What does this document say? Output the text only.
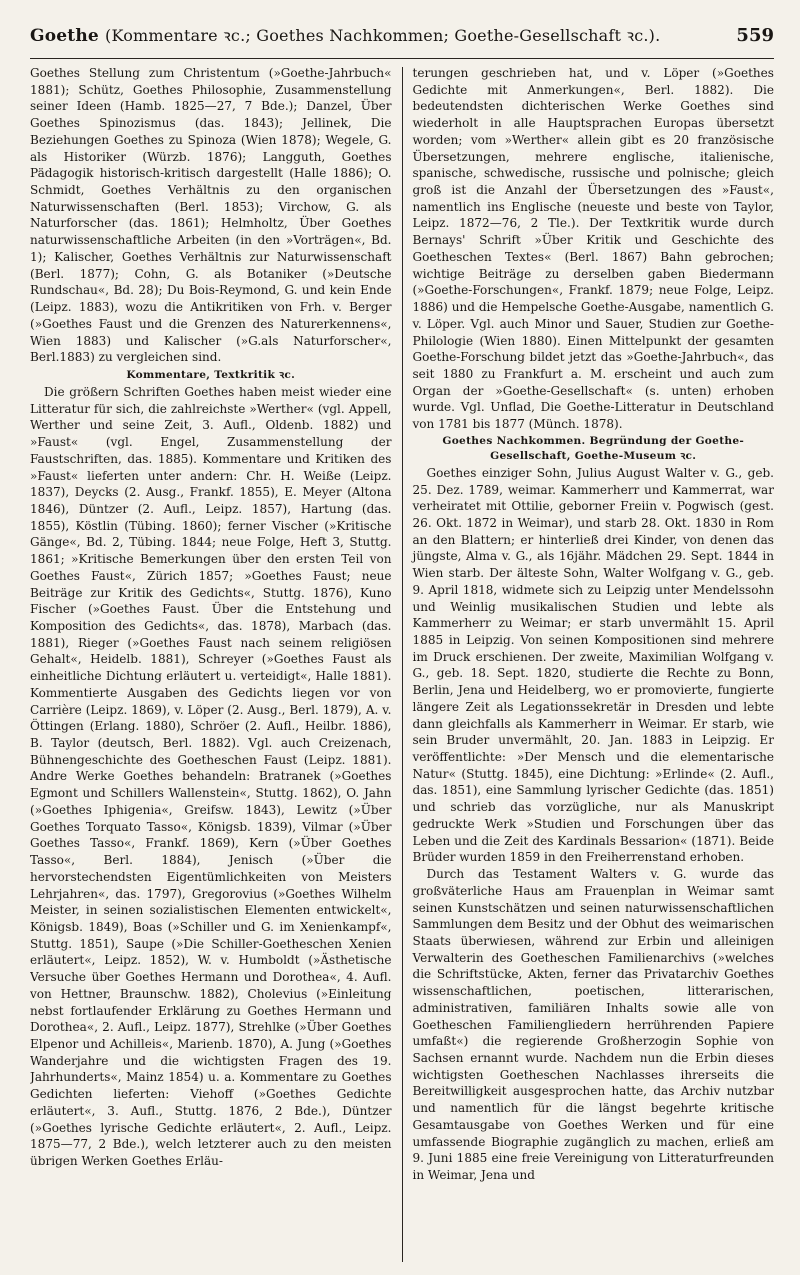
Goethe (Kommentare ꝛc.; Goethes Nachkommen; Goethe-Gesellschaft ꝛc.).	559

Goethes Stellung zum Christentum (»Goethe-Jahrbuch« 1881); Schütz, Goethes Philosophie, Zusammenstellung seiner Ideen (Hamb. 1825—27, 7 Bde.); Danzel, Über Goethes Spinozismus (das. 1843); Jellinek, Die Beziehungen Goethes zu Spinoza (Wien 1878); Wegele, G. als Historiker (Würzb. 1876); Langguth, Goethes Pädagogik historisch-kritisch dargestellt (Halle 1886); O. Schmidt, Goethes Verhältnis zu den organischen Naturwissenschaften (Berl. 1853); Virchow, G. als Naturforscher (das. 1861); Helmholtz, Über Goethes naturwissenschaftliche Arbeiten (in den »Vorträgen«, Bd. 1); Kalischer, Goethes Verhältnis zur Naturwissenschaft (Berl. 1877); Cohn, G. als Botaniker (»Deutsche Rundschau«, Bd. 28); Du Bois-Reymond, G. und kein Ende (Leipz. 1883), wozu die Antikritiken von Frh. v. Berger (»Goethes Faust und die Grenzen des Naturerkennens«, Wien 1883) und Kalischer (»G.als Naturforscher«, Berl.1883) zu vergleichen sind.

Kommentare, Textkritik ꝛc.

Die größern Schriften Goethes haben meist wieder eine Litteratur für sich, die zahlreichste »Werther« (vgl. Appell, Werther und seine Zeit, 3. Aufl., Oldenb. 1882) und »Faust« (vgl. Engel, Zusammenstellung der Faustschriften, das. 1885). Kommentare und Kritiken des »Faust« lieferten unter andern: Chr. H. Weiße (Leipz. 1837), Deycks (2. Ausg., Frankf. 1855), E. Meyer (Altona 1846), Düntzer (2. Aufl., Leipz. 1857), Hartung (das. 1855), Köstlin (Tübing. 1860); ferner Vischer (»Kritische Gänge«, Bd. 2, Tübing. 1844; neue Folge, Heft 3, Stuttg. 1861; »Kritische Bemerkungen über den ersten Teil von Goethes Faust«, Zürich 1857; »Goethes Faust; neue Beiträge zur Kritik des Gedichts«, Stuttg. 1876), Kuno Fischer (»Goethes Faust. Über die Entstehung und Komposition des Gedichts«, das. 1878), Marbach (das. 1881), Rieger (»Goethes Faust nach seinem religiösen Gehalt«, Heidelb. 1881), Schreyer (»Goethes Faust als einheitliche Dichtung erläutert u. verteidigt«, Halle 1881). Kommentierte Ausgaben des Gedichts liegen vor von Carrière (Leipz. 1869), v. Löper (2. Ausg., Berl. 1879), A. v. Öttingen (Erlang. 1880), Schröer (2. Aufl., Heilbr. 1886), B. Taylor (deutsch, Berl. 1882). Vgl. auch Creizenach, Bühnengeschichte des Goetheschen Faust (Leipz. 1881). Andre Werke Goethes behandeln: Bratranek (»Goethes Egmont und Schillers Wallenstein«, Stuttg. 1862), O. Jahn (»Goethes Iphigenia«, Greifsw. 1843), Lewitz (»Über Goethes Torquato Tasso«, Königsb. 1839), Vilmar (»Über Goethes Tasso«, Frankf. 1869), Kern (»Über Goethes Tasso«, Berl. 1884), Jenisch (»Über die hervorstechendsten Eigentümlichkeiten von Meisters Lehrjahren«, das. 1797), Gregorovius (»Goethes Wilhelm Meister, in seinen sozialistischen Elementen entwickelt«, Königsb. 1849), Boas (»Schiller und G. im Xenienkampf«, Stuttg. 1851), Saupe (»Die Schiller-Goetheschen Xenien erläutert«, Leipz. 1852), W. v. Humboldt (»Ästhetische Versuche über Goethes Hermann und Dorothea«, 4. Aufl. von Hettner, Braunschw. 1882), Cholevius (»Einleitung nebst fortlaufender Erklärung zu Goethes Hermann und Dorothea«, 2. Aufl., Leipz. 1877), Strehlke (»Über Goethes Elpenor und Achilleis«, Marienb. 1870), A. Jung (»Goethes Wanderjahre und die wichtigsten Fragen des 19. Jahrhunderts«, Mainz 1854) u. a. Kommentare zu Goethes Gedichten lieferten: Viehoff (»Goethes Gedichte erläutert«, 3. Aufl., Stuttg. 1876, 2 Bde.), Düntzer (»Goethes lyrische Gedichte erläutert«, 2. Aufl., Leipz. 1875—77, 2 Bde.), welch letzterer auch zu den meisten übrigen Werken Goethes Erläu-

terungen geschrieben hat, und v. Löper (»Goethes Gedichte mit Anmerkungen«, Berl. 1882). Die bedeutendsten dichterischen Werke Goethes sind wiederholt in alle Hauptsprachen Europas übersetzt worden; vom »Werther« allein gibt es 20 französische Übersetzungen, mehrere englische, italienische, spanische, schwedische, russische und polnische; gleich groß ist die Anzahl der Übersetzungen des »Faust«, namentlich ins Englische (neueste und beste von Taylor, Leipz. 1872—76, 2 Tle.). Der Textkritik wurde durch Bernays' Schrift »Über Kritik und Geschichte des Goetheschen Textes« (Berl. 1867) Bahn gebrochen; wichtige Beiträge zu derselben gaben Biedermann (»Goethe-Forschungen«, Frankf. 1879; neue Folge, Leipz. 1886) und die Hempelsche Goethe-Ausgabe, namentlich G. v. Löper. Vgl. auch Minor und Sauer, Studien zur Goethe-Philologie (Wien 1880). Einen Mittelpunkt der gesamten Goethe-Forschung bildet jetzt das »Goethe-Jahrbuch«, das seit 1880 zu Frankfurt a. M. erscheint und auch zum Organ der »Goethe-Gesellschaft« (s. unten) erhoben wurde. Vgl. Unflad, Die Goethe-Litteratur in Deutschland von 1781 bis 1877 (Münch. 1878).

Goethes Nachkommen. Begründung der Goethe-Gesellschaft, Goethe-Museum ꝛc.

Goethes einziger Sohn, Julius August Walter v. G., geb. 25. Dez. 1789, weimar. Kammerherr und Kammerrat, war verheiratet mit Ottilie, geborner Freiin v. Pogwisch (gest. 26. Okt. 1872 in Weimar), und starb 28. Okt. 1830 in Rom an den Blattern; er hinterließ drei Kinder, von denen das jüngste, Alma v. G., als 16jähr. Mädchen 29. Sept. 1844 in Wien starb. Der älteste Sohn, Walter Wolfgang v. G., geb. 9. April 1818, widmete sich zu Leipzig unter Mendelssohn und Weinlig musikalischen Studien und lebte als Kammerherr zu Weimar; er starb unvermählt 15. April 1885 in Leipzig. Von seinen Kompositionen sind mehrere im Druck erschienen. Der zweite, Maximilian Wolfgang v. G., geb. 18. Sept. 1820, studierte die Rechte zu Bonn, Berlin, Jena und Heidelberg, wo er promovierte, fungierte längere Zeit als Legationssekretär in Dresden und lebte dann gleichfalls als Kammerherr in Weimar. Er starb, wie sein Bruder unvermählt, 20. Jan. 1883 in Leipzig. Er veröffentlichte: »Der Mensch und die elementarische Natur« (Stuttg. 1845), eine Dichtung: »Erlinde« (2. Aufl., das. 1851), eine Sammlung lyrischer Gedichte (das. 1851) und schrieb das vorzügliche, nur als Manuskript gedruckte Werk »Studien und Forschungen über das Leben und die Zeit des Kardinals Bessarion« (1871). Beide Brüder wurden 1859 in den Freiherrenstand erhoben.

Durch das Testament Walters v. G. wurde das großväterliche Haus am Frauenplan in Weimar samt seinen Kunstschätzen und seinen naturwissenschaftlichen Sammlungen dem Besitz und der Obhut des weimarischen Staats überwiesen, während zur Erbin und alleinigen Verwalterin des Goetheschen Familienarchivs (»welches die Schriftstücke, Akten, ferner das Privatarchiv Goethes wissenschaftlichen, poetischen, litterarischen, administrativen, familiären Inhalts sowie alle von Goetheschen Familiengliedern herrührenden Papiere umfaßt«) die regierende Großherzogin Sophie von Sachsen ernannt wurde. Nachdem nun die Erbin dieses wichtigsten Goetheschen Nachlasses ihrerseits die Bereitwilligkeit ausgesprochen hatte, das Archiv nutzbar und namentlich für die längst begehrte kritische Gesamtausgabe von Goethes Werken und für eine umfassende Biographie zugänglich zu machen, erließ am 9. Juni 1885 eine freie Vereinigung von Litteraturfreunden in Weimar, Jena und
